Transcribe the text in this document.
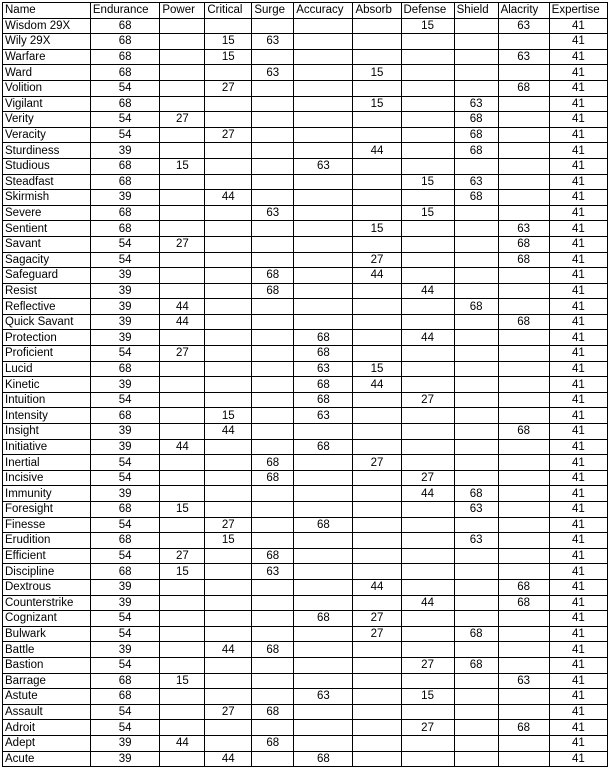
Name	Endurance	Power	Critical	Surge	Accuracy	Absorb	Defense	Shield	Alacrity	Expertise
Wisdom 29X	68						15		63	41
Wily 29X	68		15	63						41
Warfare	68		15						63	41
Ward	68			63		15				41
Volition	54		27						68	41
Vigilant	68					15		63		41
Verity	54	27						68		41
Veracity	54		27					68		41
Sturdiness	39					44		68		41
Studious	68	15			63					41
Steadfast	68						15	63		41
Skirmish	39		44					68		41
Severe	68			63			15			41
Sentient	68					15			63	41
Savant	54	27							68	41
Sagacity	54					27			68	41
Safeguard	39			68		44				41
Resist	39			68			44			41
Reflective	39	44						68		41
Quick Savant	39	44							68	41
Protection	39				68		44			41
Proficient	54	27			68					41
Lucid	68				63	15				41
Kinetic	39				68	44				41
Intuition	54				68		27			41
Intensity	68		15		63					41
Insight	39		44						68	41
Initiative	39	44			68					41
Inertial	54			68		27				41
Incisive	54			68			27			41
Immunity	39						44	68		41
Foresight	68	15						63		41
Finesse	54		27		68					41
Erudition	68		15					63		41
Efficient	54	27		68						41
Discipline	68	15		63						41
Dextrous	39					44			68	41
Counterstrike	39						44		68	41
Cognizant	54				68	27				41
Bulwark	54					27		68		41
Battle	39		44	68						41
Bastion	54						27	68		41
Barrage	68	15							63	41
Astute	68				63		15			41
Assault	54		27	68						41
Adroit	54						27		68	41
Adept	39	44		68						41
Acute	39		44		68					41
